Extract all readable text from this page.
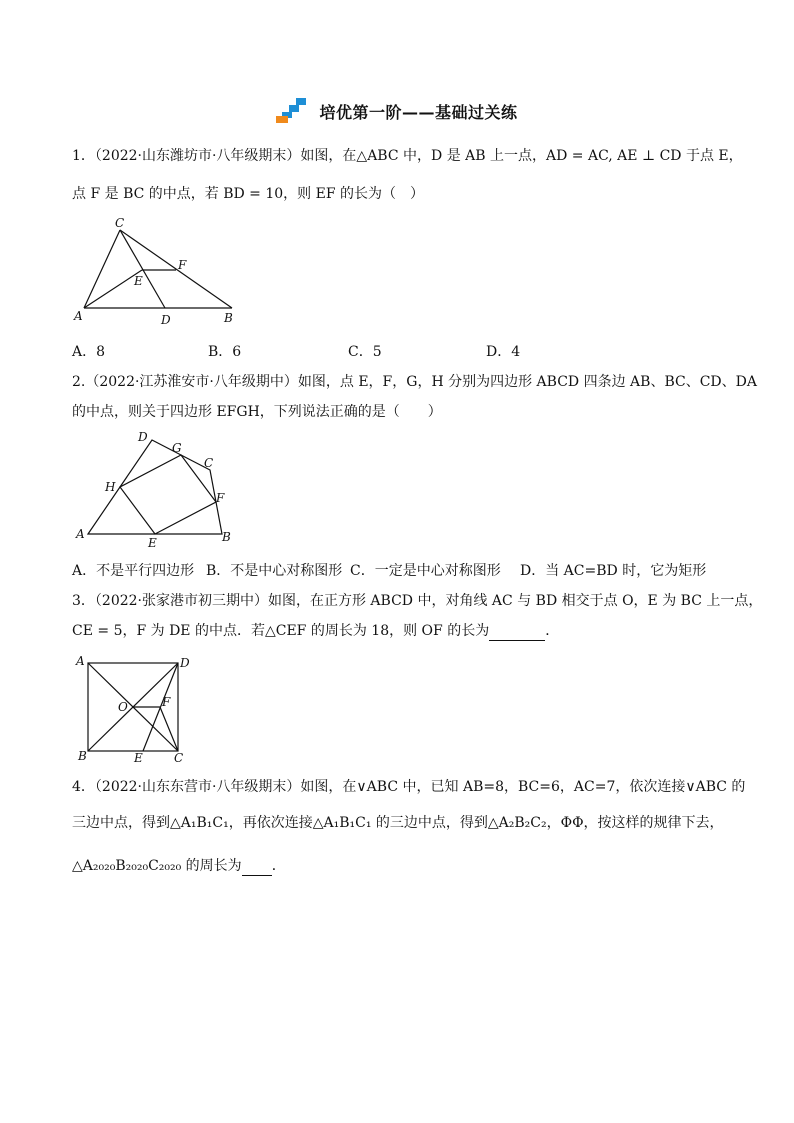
培优第一阶——基础过关练
1．（2022·山东潍坊市·八年级期末）如图，在△ABC 中，D 是 AB 上一点，AD = AC, AE ⊥ CD 于点 E，
点 F 是 BC 的中点，若 BD = 10，则 EF 的长为（　）
C
F
E
A	D	B
A．8	B．6	C．5	D．4
2.（2022·江苏淮安市·八年级期中）如图，点 E，F，G，H 分别为四边形 ABCD 四条边 AB、BC、CD、DA
的中点，则关于四边形 EFGH，下列说法正确的是（　　）
D
G
C
H
F
A
E	B
A．不是平行四边形 B．不是中心对称图形 C．一定是中心对称图形 D．当 AC=BD 时，它为矩形
3．（2022·张家港市初三期中）如图，在正方形 ABCD 中，对角线 AC 与 BD 相交于点 O，E 为 BC 上一点，
CE = 5，F 为 DE 的中点．若△CEF 的周长为 18，则 OF 的长为	．
A	D
O	F
B	E	C
4．（2022·山东东营市·八年级期末）如图，在∨ABC 中，已知 AB=8，BC=6，AC=7，依次连接∨ABC 的
三边中点，得到△A₁B₁C₁，再依次连接△A₁B₁C₁ 的三边中点，得到△A₂B₂C₂，ΦΦ，按这样的规律下去，
△A₂₀₂₀B₂₀₂₀C₂₀₂₀ 的周长为 ．
